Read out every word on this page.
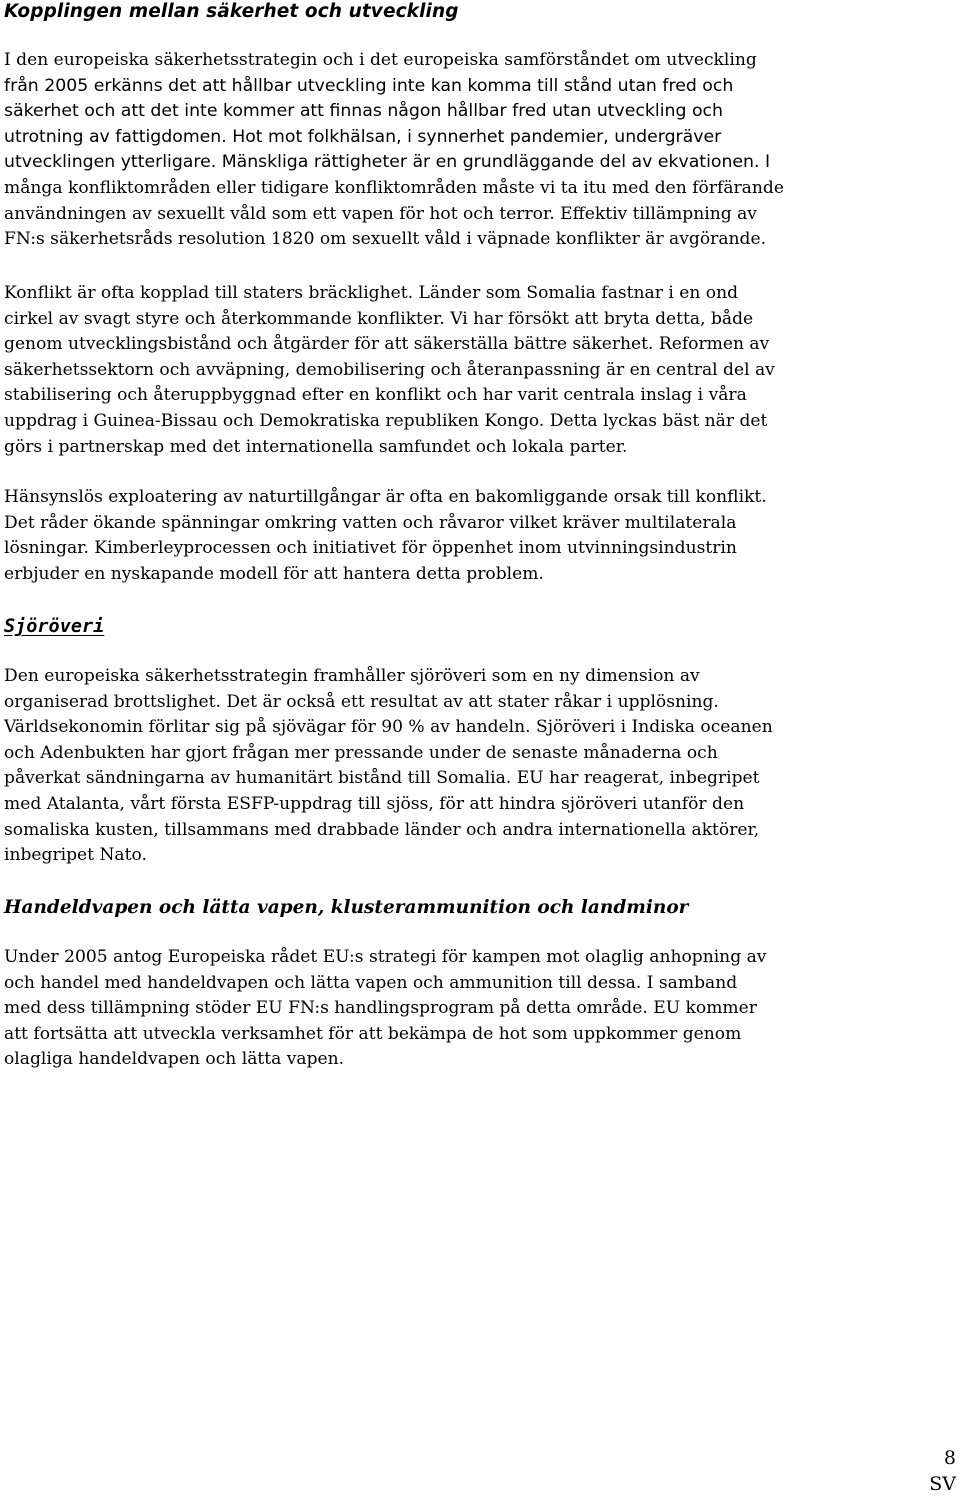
Kopplingen mellan säkerhet och utveckling

I den europeiska säkerhetsstrategin och i det europeiska samförståndet om utveckling
från 2005 erkänns det att hållbar utveckling inte kan komma till stånd utan fred och
säkerhet och att det inte kommer att finnas någon hållbar fred utan utveckling och
utrotning av fattigdomen. Hot mot folkhälsan, i synnerhet pandemier, undergräver
utvecklingen ytterligare. Mänskliga rättigheter är en grundläggande del av ekvationen. I
många konfliktområden eller tidigare konfliktområden måste vi ta itu med den förfärande
användningen av sexuellt våld som ett vapen för hot och terror. Effektiv tillämpning av
FN:s säkerhetsråds resolution 1820 om sexuellt våld i väpnade konflikter är avgörande.

Konflikt är ofta kopplad till staters bräcklighet. Länder som Somalia fastnar i en ond
cirkel av svagt styre och återkommande konflikter. Vi har försökt att bryta detta, både
genom utvecklingsbistånd och åtgärder för att säkerställa bättre säkerhet. Reformen av
säkerhetssektorn och avväpning, demobilisering och återanpassning är en central del av
stabilisering och återuppbyggnad efter en konflikt och har varit centrala inslag i våra
uppdrag i Guinea-Bissau och Demokratiska republiken Kongo. Detta lyckas bäst när det
görs i partnerskap med det internationella samfundet och lokala parter.

Hänsynslös exploatering av naturtillgångar är ofta en bakomliggande orsak till konflikt.
Det råder ökande spänningar omkring vatten och råvaror vilket kräver multilaterala
lösningar. Kimberleyprocessen och initiativet för öppenhet inom utvinningsindustrin
erbjuder en nyskapande modell för att hantera detta problem.

Sjöröveri

Den europeiska säkerhetsstrategin framhåller sjöröveri som en ny dimension av
organiserad brottslighet. Det är också ett resultat av att stater råkar i upplösning.
Världsekonomin förlitar sig på sjövägar för 90 % av handeln. Sjöröveri i Indiska oceanen
och Adenbukten har gjort frågan mer pressande under de senaste månaderna och
påverkat sändningarna av humanitärt bistånd till Somalia. EU har reagerat, inbegripet
med Atalanta, vårt första ESFP-uppdrag till sjöss, för att hindra sjöröveri utanför den
somaliska kusten, tillsammans med drabbade länder och andra internationella aktörer,
inbegripet Nato.

Handeldvapen och lätta vapen, klusterammunition och landminor

Under 2005 antog Europeiska rådet EU:s strategi för kampen mot olaglig anhopning av
och handel med handeldvapen och lätta vapen och ammunition till dessa. I samband
med dess tillämpning stöder EU FN:s handlingsprogram på detta område. EU kommer
att fortsätta att utveckla verksamhet för att bekämpa de hot som uppkommer genom
olagliga handeldvapen och lätta vapen.

8
SV
